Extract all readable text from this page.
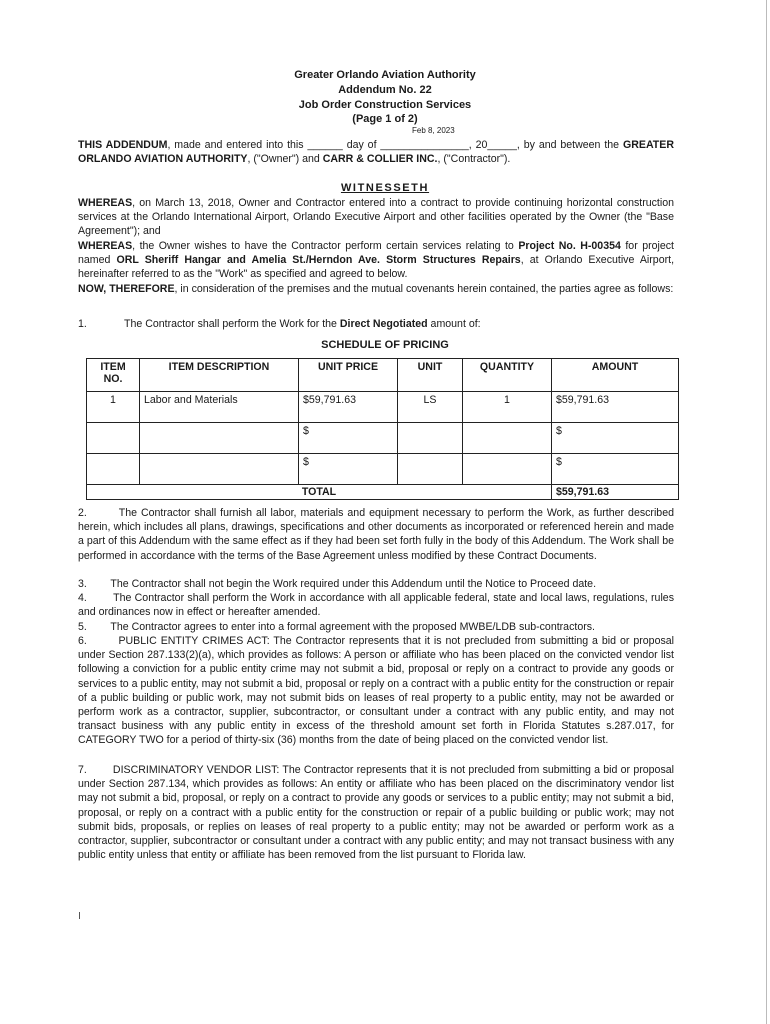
Greater Orlando Aviation Authority
Addendum No. 22
Job Order Construction Services
(Page 1 of 2)
Feb 8, 2023
THIS ADDENDUM, made and entered into this ______ day of _______________, 20_____, by and between the GREATER ORLANDO AVIATION AUTHORITY, ("Owner") and CARR & COLLIER INC., ("Contractor").
WITNESSETH
WHEREAS, on March 13, 2018, Owner and Contractor entered into a contract to provide continuing horizontal construction services at the Orlando International Airport, Orlando Executive Airport and other facilities operated by the Owner (the "Base Agreement"); and
WHEREAS, the Owner wishes to have the Contractor perform certain services relating to Project No. H-00354 for project named ORL Sheriff Hangar and Amelia St./Herndon Ave. Storm Structures Repairs, at Orlando Executive Airport, hereinafter referred to as the "Work" as specified and agreed to below.
NOW, THEREFORE, in consideration of the premises and the mutual covenants herein contained, the parties agree as follows:
1.	The Contractor shall perform the Work for the Direct Negotiated amount of:
SCHEDULE OF PRICING
ITEM NO.	ITEM DESCRIPTION	UNIT PRICE	UNIT	QUANTITY	AMOUNT
1	Labor and Materials	$59,791.63	LS	1	$59,791.63
		$			$
		$			$
TOTAL					$59,791.63
2.        The Contractor shall furnish all labor, materials and equipment necessary to perform the Work, as further described herein, which includes all plans, drawings, specifications and other documents as incorporated or referenced herein and made a part of this Addendum with the same effect as if they had been set forth fully in the body of this Addendum. The Work shall be performed in accordance with the terms of the Base Agreement unless modified by these Contract Documents.
3.        The Contractor shall not begin the Work required under this Addendum until the Notice to Proceed date.
4.        The Contractor shall perform the Work in accordance with all applicable federal, state and local laws, regulations, rules and ordinances now in effect or hereafter amended.
5.        The Contractor agrees to enter into a formal agreement with the proposed MWBE/LDB sub-contractors.
6.        PUBLIC ENTITY CRIMES ACT: The Contractor represents that it is not precluded from submitting a bid or proposal under Section 287.133(2)(a), which provides as follows: A person or affiliate who has been placed on the convicted vendor list following a conviction for a public entity crime may not submit a bid, proposal or reply on a contract to provide any goods or services to a public entity, may not submit a bid, proposal or reply on a contract with a public entity for the construction or repair of a public building or public work, may not submit bids on leases of real property to a public entity, may not be awarded or perform work as a contractor, supplier, subcontractor, or consultant under a contract with any public entity, and may not transact business with any public entity in excess of the threshold amount set forth in Florida Statutes s.287.017, for CATEGORY TWO for a period of thirty-six (36) months from the date of being placed on the convicted vendor list.
7.        DISCRIMINATORY VENDOR LIST: The Contractor represents that it is not precluded from submitting a bid or proposal under Section 287.134, which provides as follows: An entity or affiliate who has been placed on the discriminatory vendor list may not submit a bid, proposal, or reply on a contract to provide any goods or services to a public entity; may not submit a bid, proposal, or reply on a contract with a public entity for the construction or repair of a public building or public work; may not submit bids, proposals, or replies on leases of real property to a public entity; may not be awarded or perform work as a contractor, supplier, subcontractor or consultant under a contract with any public entity; and may not transact business with any public entity unless that entity or affiliate has been removed from the list pursuant to Florida law.
